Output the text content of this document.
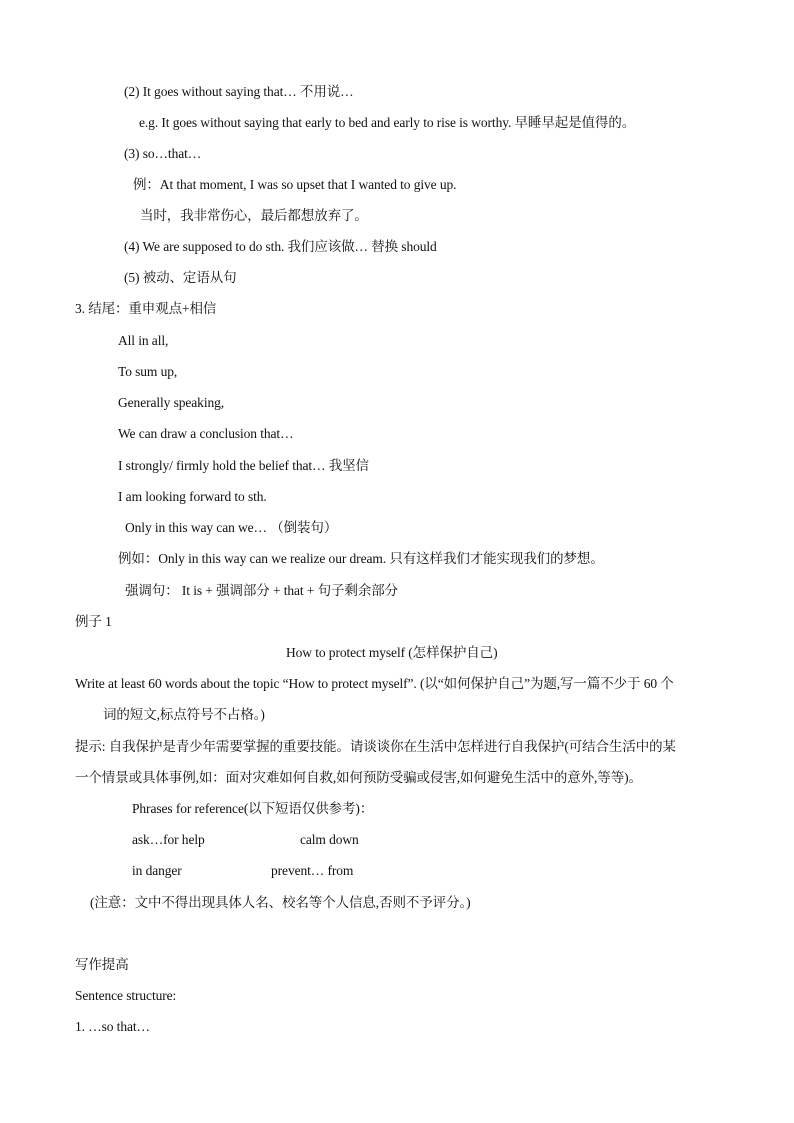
(2) It goes without saying that… 不用说…
e.g. It goes without saying that early to bed and early to rise is worthy. 早睡早起是值得的。
(3) so…that…
例：At that moment, I was so upset that I wanted to give up.
当时，我非常伤心，最后都想放弃了。
(4) We are supposed to do sth. 我们应该做… 替换 should
(5) 被动、定语从句
3. 结尾：重申观点+相信
All in all,
To sum up,
Generally speaking,
We can draw a conclusion that…
I strongly/ firmly hold the belief that… 我坚信
I am looking forward to sth.
Only in this way can we… （倒装句）
例如：Only in this way can we realize our dream. 只有这样我们才能实现我们的梦想。
强调句： It is + 强调部分 + that + 句子剩余部分
例子 1
How to protect myself (怎样保护自己)
Write at least 60 words about the topic “How to protect myself”. (以“如何保护自己”为题,写一篇不少于 60 个
词的短文,标点符号不占格。)
提示: 自我保护是青少年需要掌握的重要技能。请谈谈你在生活中怎样进行自我保护(可结合生活中的某
一个情景或具体事例,如：面对灾难如何自救,如何预防受骗或侵害,如何避免生活中的意外,等等)。
Phrases for reference(以下短语仅供参考)：
ask…for help	calm down
in danger	prevent… from
(注意：文中不得出现具体人名、校名等个人信息,否则不予评分。)
写作提高
Sentence structure:
1. …so that…
